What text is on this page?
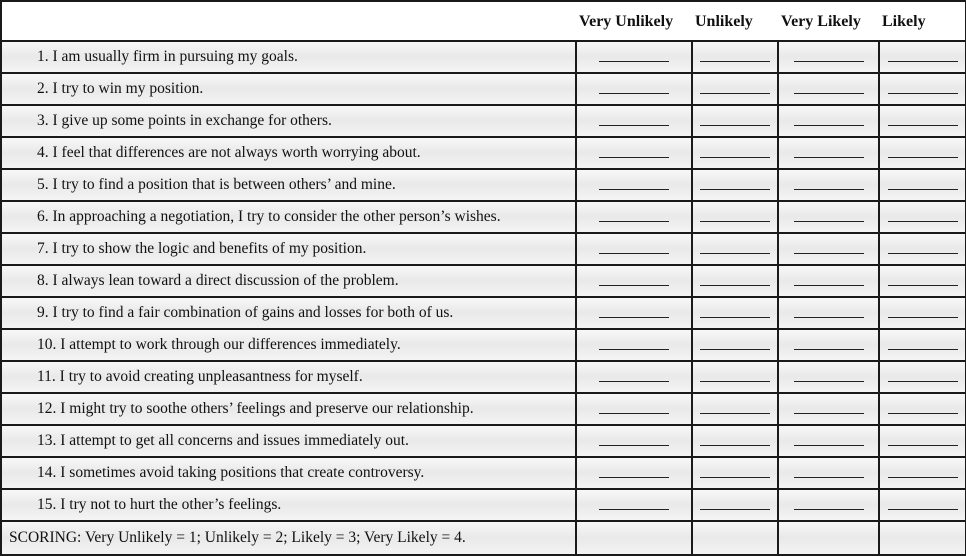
	Very Unlikely	Unlikely	Very Likely	Likely
1. I am usually firm in pursuing my goals.				
2. I try to win my position.				
3. I give up some points in exchange for others.				
4. I feel that differences are not always worth worrying about.				
5. I try to find a position that is between others’ and mine.				
6. In approaching a negotiation, I try to consider the other person’s wishes.				
7. I try to show the logic and benefits of my position.				
8. I always lean toward a direct discussion of the problem.				
9. I try to find a fair combination of gains and losses for both of us.				
10. I attempt to work through our differences immediately.				
11. I try to avoid creating unpleasantness for myself.				
12. I might try to soothe others’ feelings and preserve our relationship.				
13. I attempt to get all concerns and issues immediately out.				
14. I sometimes avoid taking positions that create controversy.				
15. I try not to hurt the other’s feelings.				
SCORING: Very Unlikely = 1; Unlikely = 2; Likely = 3; Very Likely = 4.				
